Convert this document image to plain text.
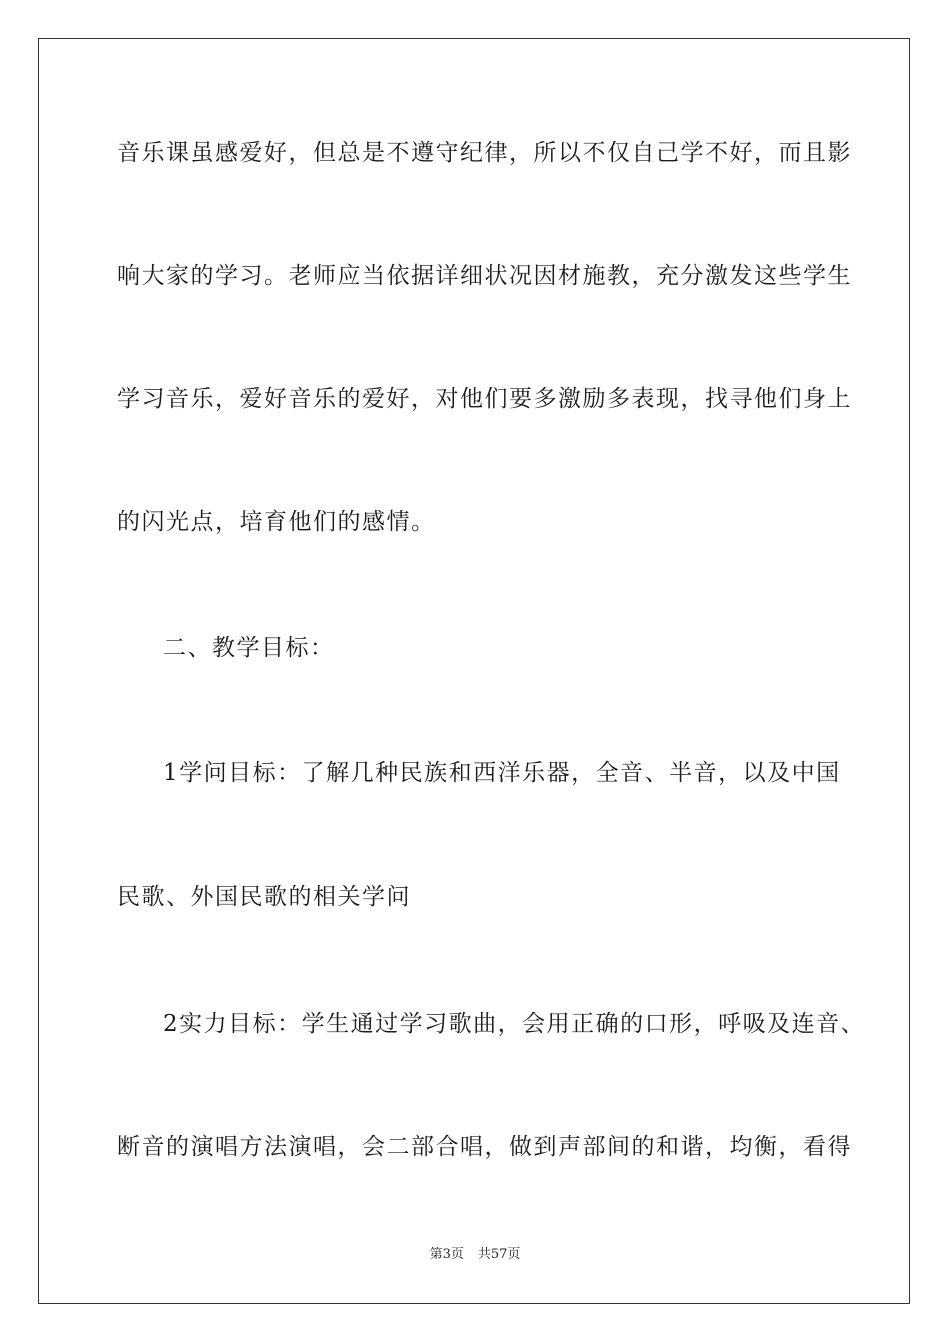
音乐课虽感爱好，但总是不遵守纪律，所以不仅自己学不好，而且影
响大家的学习。老师应当依据详细状况因材施教，充分激发这些学生
学习音乐，爱好音乐的爱好，对他们要多激励多表现，找寻他们身上
的闪光点，培育他们的感情。
二、教学目标：
1学问目标：了解几种民族和西洋乐器，全音、半音，以及中国
民歌、外国民歌的相关学问
2实力目标：学生通过学习歌曲，会用正确的口形，呼吸及连音、
断音的演唱方法演唱，会二部合唱，做到声部间的和谐，均衡，看得
第3页 共57页
